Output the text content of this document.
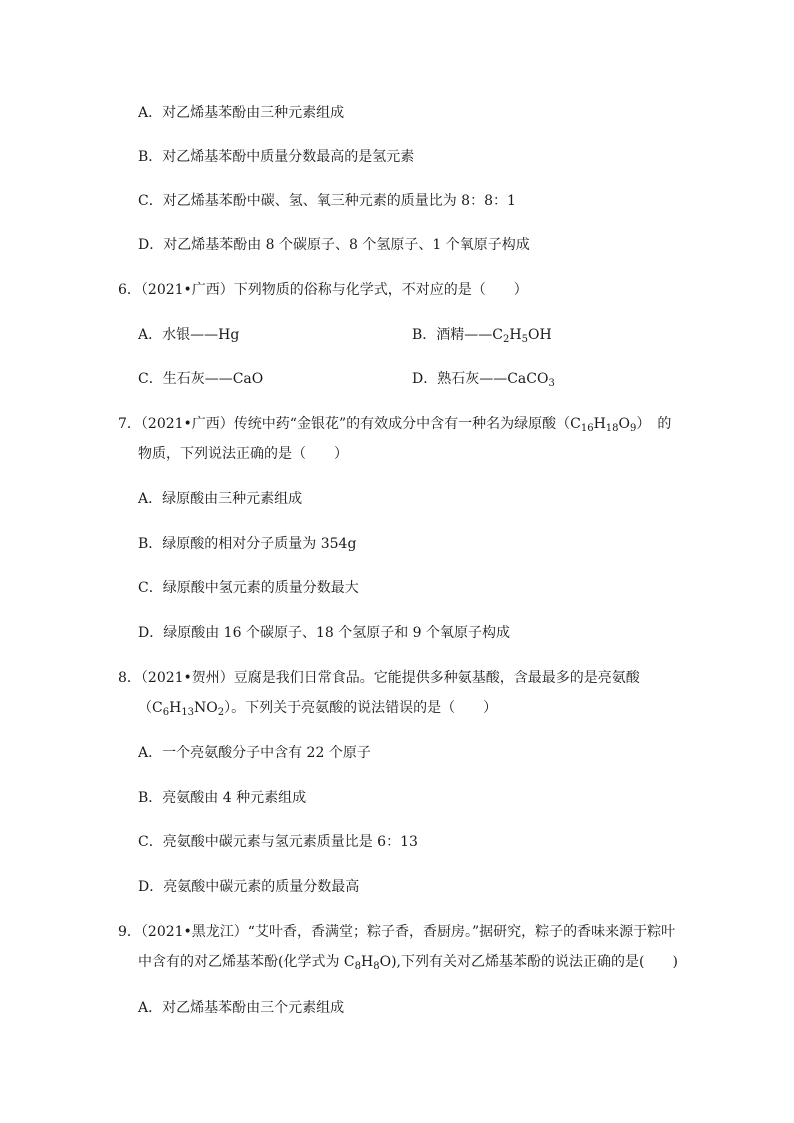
A．对乙烯基苯酚由三种元素组成
B．对乙烯基苯酚中质量分数最高的是氢元素
C．对乙烯基苯酚中碳、氢、氧三种元素的质量比为 8：8：1
D．对乙烯基苯酚由 8 个碳原子、8 个氢原子、1 个氧原子构成
6．（2021•广西）下列物质的俗称与化学式，不对应的是（　　）
A．水银——Hg	B．酒精$——C_2H_5OH$
C．生石灰——CaO	D．熟石灰——CaCO$_3$
7．（2021•广西）传统中药“金银花”的有效成分中含有一种名为绿原酸$(C_{16}H_{18}O_9)$　的
物质，下列说法正确的是（　　）
A．绿原酸由三种元素组成
B．绿原酸的相对分子质量为 354g
C．绿原酸中氢元素的质量分数最大
D．绿原酸由 16 个碳原子、18 个氢原子和 9 个氧原子构成
8．（2021•贺州）豆腐是我们日常食品。它能提供多种氨基酸，含最最多的是亮氨酸
$(C_6H_{13}NO_2)$。下列关于亮氨酸的说法错误的是（　　）
A．一个亮氨酸分子中含有 22 个原子
B．亮氨酸由 4 种元素组成
C．亮氨酸中碳元素与氢元素质量比是 6：13
D．亮氨酸中碳元素的质量分数最高
9．（2021•黑龙江）“艾叶香，香满堂；粽子香，香厨房。”据研究，粽子的香味来源于粽叶
中含有的对乙烯基苯酚(化学式为 $C_8H_8O$),下列有关对乙烯基苯酚的说法正确的是(　　)
A．对乙烯基苯酚由三个元素组成
